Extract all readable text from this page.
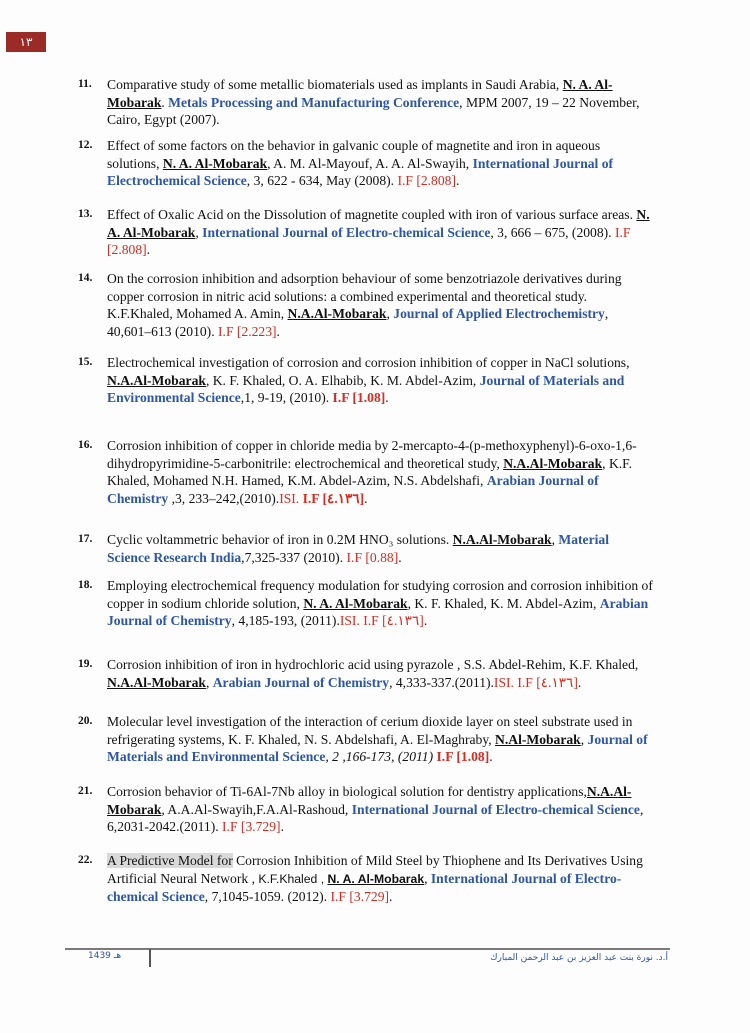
١٣
11.	Comparative study of some metallic biomaterials used as implants in Saudi Arabia, N. A. Al-Mobarak. Metals Processing and Manufacturing Conference, MPM 2007, 19 – 22 November, Cairo, Egypt (2007).
12.	Effect of some factors on the behavior in galvanic couple of magnetite and iron in aqueous solutions, N. A. Al-Mobarak, A. M. Al-Mayouf, A. A. Al-Swayih, International Journal of Electrochemical Science, 3, 622 - 634, May (2008). I.F [2.808].
13.	Effect of Oxalic Acid on the Dissolution of magnetite coupled with iron of various surface areas. N. A. Al-Mobarak, International Journal of Electro-chemical Science, 3, 666 – 675, (2008). I.F [2.808].
14.	On the corrosion inhibition and adsorption behaviour of some benzotriazole derivatives during copper corrosion in nitric acid solutions: a combined experimental and theoretical study. K.F.Khaled, Mohamed A. Amin, N.A.Al-Mobarak, Journal of Applied Electrochemistry, 40,601–613 (2010). I.F [2.223].
15.	Electrochemical investigation of corrosion and corrosion inhibition of copper in NaCl solutions, N.A.Al-Mobarak, K. F. Khaled, O. A. Elhabib, K. M. Abdel-Azim, Journal of Materials and Environmental Science,1, 9-19, (2010). I.F [1.08].
16.	Corrosion inhibition of copper in chloride media by 2-mercapto-4-(p-methoxyphenyl)-6-oxo-1,6- dihydropyrimidine-5-carbonitrile: electrochemical and theoretical study, N.A.Al-Mobarak, K.F. Khaled, Mohamed N.H. Hamed, K.M. Abdel-Azim, N.S. Abdelshafi, Arabian Journal of Chemistry ,3, 233–242,(2010).ISI. I.F [٤.١٣٦].
17.	Cyclic voltammetric behavior of iron in 0.2M HNO₃ solutions. N.A.Al-Mobarak, Material Science Research India,7,325-337 (2010). I.F [0.88].
18.	Employing electrochemical frequency modulation for studying corrosion and corrosion inhibition of copper in sodium chloride solution, N. A. Al-Mobarak, K. F. Khaled, K. M. Abdel-Azim, Arabian Journal of Chemistry, 4,185-193, (2011).ISI. I.F [٤.١٣٦].
19.	Corrosion inhibition of iron in hydrochloric acid using pyrazole , S.S. Abdel-Rehim, K.F. Khaled, N.A.Al-Mobarak, Arabian Journal of Chemistry, 4,333-337.(2011).ISI. I.F [٤.١٣٦].
20.	Molecular level investigation of the interaction of cerium dioxide layer on steel substrate used in refrigerating systems, K. F. Khaled, N. S. Abdelshafi, A. El-Maghraby, N.Al-Mobarak, Journal of Materials and Environmental Science, 2 ,166-173, (2011) I.F [1.08].
21.	Corrosion behavior of Ti-6Al-7Nb alloy in biological solution for dentistry applications,N.A.Al-Mobarak, A.A.Al-Swayih,F.A.Al-Rashoud, International Journal of Electro-chemical Science, 6,2031-2042.(2011). I.F [3.729].
22.	A Predictive Model for Corrosion Inhibition of Mild Steel by Thiophene and Its Derivatives Using Artificial Neural Network , K.F.Khaled , N. A. Al-Mobarak, International Journal of Electro-chemical Science, 7,1045-1059. (2012). I.F [3.729].
1439 هـ	أ.د. نورة بنت عبد العزيز بن عبد الرحمن المبارك
